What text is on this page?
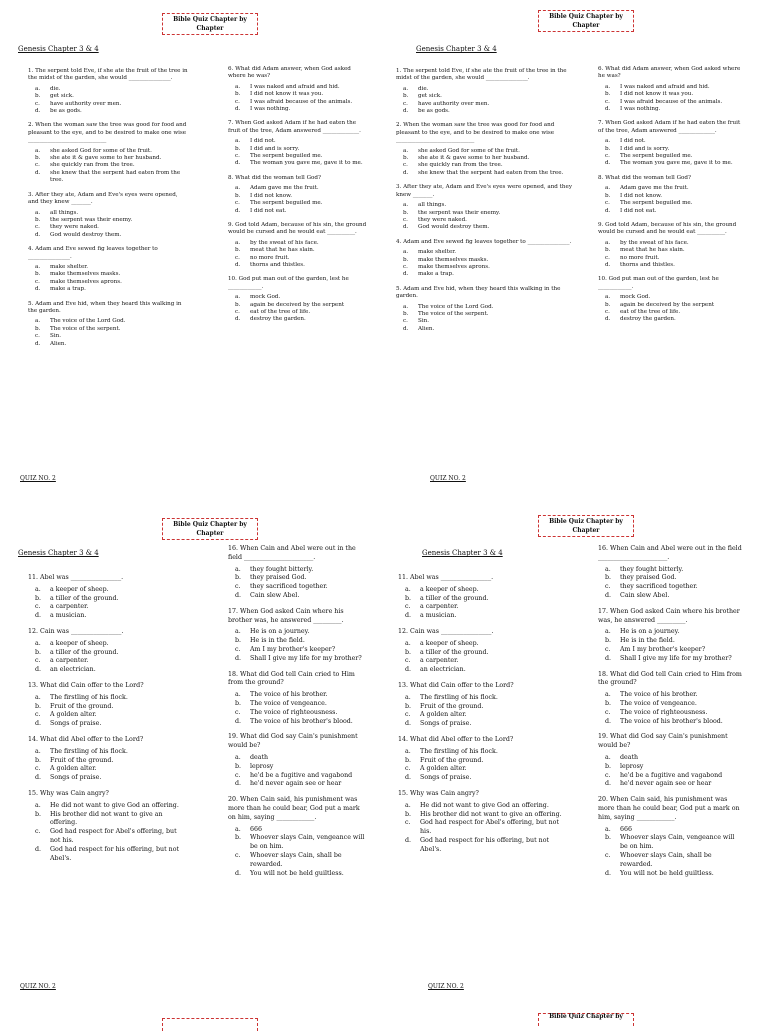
Bible Quiz Chapter by
Chapter
Genesis Chapter 3 & 4

1. The serpent told Eve, if she ate the fruit of the tree in the midst of the garden, she would _______________.

a. die.
b. get sick.
c. have authority over men.
d. be as gods.

2. When the woman saw the tree was good for food and pleasant to the eye, and to be desired to make one wise ____________________________

a. she asked God for some of the fruit.
b. she ate it & gave some to her husband.
c. she quickly ran from the tree.
d. she knew that the serpent had eaten from the tree.

3. After they ate, Adam and Eve's eyes were opened, and they knew _______.

a. all things.
b. the serpent was their enemy.
c. they were naked.
d. God would destroy them.

4. Adam and Eve sewed fig leaves together to _______________.

a. make shelter.
b. make themselves masks.
c. make themselves aprons.
d. make a trap.

5. Adam and Eve hid, when they heard this walking in the garden.

a. The voice of the Lord God.
b. The voice of the serpent.
c. Sin.
d. Alien.

6. What did Adam answer, when God asked where he was?

a. I was naked and afraid and hid.
b. I did not know it was you.
c. I was afraid because of the animals.
d. I was nothing.

7. When God asked Adam if he had eaten the fruit of the tree, Adam answered _____________.

a. I did not.
b. I did and is sorry.
c. The serpent beguiled me.
d. The woman you gave me, gave it to me.

8. What did the woman tell God?

a. Adam gave me the fruit.
b. I did not know.
c. The serpent beguiled me.
d. I did not eat.

9. God told Adam, because of his sin, the ground would be cursed and he would eat __________.

a. by the sweat of his face.
b. meat that he has slain.
c. no more fruit.
d. thorns and thistles.

10. God put man out of the garden, lest he ____________.

a. mock God.
b. again be deceived by the serpent
c. eat of the tree of life.
d. destroy the garden.
QUIZ NO. 2
Bible Quiz Chapter by
Chapter
Genesis Chapter 3 & 4

1. The serpent told Eve, if she ate the fruit of the tree in the midst of the garden, she would _______________.

a. die.
b. get sick.
c. have authority over men.
d. be as gods.

2. When the woman saw the tree was good for food and pleasant to the eye, and to be desired to make one wise ____________________________

a. she asked God for some of the fruit.
b. she ate it & gave some to her husband.
c. she quickly ran from the tree.
d. she knew that the serpent had eaten from the tree.

3. After they ate, Adam and Eve's eyes were opened, and they knew _______.

a. all things.
b. the serpent was their enemy.
c. they were naked.
d. God would destroy them.

4. Adam and Eve sewed fig leaves together to _______________.

a. make shelter.
b. make themselves masks.
c. make themselves aprons.
d. make a trap.

5. Adam and Eve hid, when they heard this walking in the garden.

a. The voice of the Lord God.
b. The voice of the serpent.
c. Sin.
d. Alien.

6. What did Adam answer, when God asked where he was?

a. I was naked and afraid and hid.
b. I did not know it was you.
c. I was afraid because of the animals.
d. I was nothing.

7. When God asked Adam if he had eaten the fruit of the tree, Adam answered _____________.

a. I did not.
b. I did and is sorry.
c. The serpent beguiled me.
d. The woman you gave me, gave it to me.

8. What did the woman tell God?

a. Adam gave me the fruit.
b. I did not know.
c. The serpent beguiled me.
d. I did not eat.

9. God told Adam, because of his sin, the ground would be cursed and he would eat __________.

a. by the sweat of his face.
b. meat that he has slain.
c. no more fruit.
d. thorns and thistles.

10. God put man out of the garden, lest he ____________.

a. mock God.
b. again be deceived by the serpent
c. eat of the tree of life.
d. destroy the garden.
QUIZ NO. 2
Bible Quiz Chapter by
Chapter
Genesis Chapter 3 & 4

11. Abel was ________________.

a. a keeper of sheep.
b. a tiller of the ground.
c. a carpenter.
d. a musician.

12. Cain was ________________.

a. a keeper of sheep.
b. a tiller of the ground.
c. a carpenter.
d. an electrician.

13. What did Cain offer to the Lord?

a. The firstling of his flock.
b. Fruit of the ground.
c. A golden alter.
d. Songs of praise.

14. What did Abel offer to the Lord?

a. The firstling of his flock.
b. Fruit of the ground.
c. A golden alter.
d. Songs of praise.

15. Why was Cain angry?

a. He did not want to give God an offering.
b. His brother did not want to give an offering.
c. God had respect for Abel's offering, but not his.
d. God had respect for his offering, but not Abel's.

16. When Cain and Abel were out in the field ______________________.

a. they fought bitterly.
b. they praised God.
c. they sacrificed together.
d. Cain slew Abel.

17. When God asked Cain where his brother was, he answered _________.

a. He is on a journey.
b. He is in the field.
c. Am I my brother's keeper?
d. Shall I give my life for my brother?

18. What did God tell Cain cried to Him from the ground?

a. The voice of his brother.
b. The voice of vengeance.
c. The voice of righteousness.
d. The voice of his brother's blood.

19. What did God say Cain's punishment would be?

a. death
b. leprosy
c. he'd be a fugitive and vagabond
d. he'd never again see or hear

20. When Cain said, his punishment was more than he could bear, God put a mark on him, saying ____________.

a. 666
b. Whoever slays Cain, vengeance will be on him.
c. Whoever slays Cain, shall be rewarded.
d. You will not be held guiltless.
QUIZ NO. 2
Bible Quiz Chapter by
Chapter
Genesis Chapter 3 & 4

11. Abel was ________________.

a. a keeper of sheep.
b. a tiller of the ground.
c. a carpenter.
d. a musician.

12. Cain was ________________.

a. a keeper of sheep.
b. a tiller of the ground.
c. a carpenter.
d. an electrician.

13. What did Cain offer to the Lord?

a. The firstling of his flock.
b. Fruit of the ground.
c. A golden alter.
d. Songs of praise.

14. What did Abel offer to the Lord?

a. The firstling of his flock.
b. Fruit of the ground.
c. A golden alter.
d. Songs of praise.

15. Why was Cain angry?

a. He did not want to give God an offering.
b. His brother did not want to give an offering.
c. God had respect for Abel's offering, but not his.
d. God had respect for his offering, but not Abel's.

16. When Cain and Abel were out in the field ______________________.

a. they fought bitterly.
b. they praised God.
c. they sacrificed together.
d. Cain slew Abel.

17. When God asked Cain where his brother was, he answered _________.

a. He is on a journey.
b. He is in the field.
c. Am I my brother's keeper?
d. Shall I give my life for my brother?

18. What did God tell Cain cried to Him from the ground?

a. The voice of his brother.
b. The voice of vengeance.
c. The voice of righteousness.
d. The voice of his brother's blood.

19. What did God say Cain's punishment would be?

a. death
b. leprosy
c. he'd be a fugitive and vagabond
d. he'd never again see or hear

20. When Cain said, his punishment was more than he could bear, God put a mark on him, saying ____________.

a. 666
b. Whoever slays Cain, vengeance will be on him.
c. Whoever slays Cain, shall be rewarded.
d. You will not be held guiltless.
QUIZ NO. 2
Bible Quiz Chapter by
